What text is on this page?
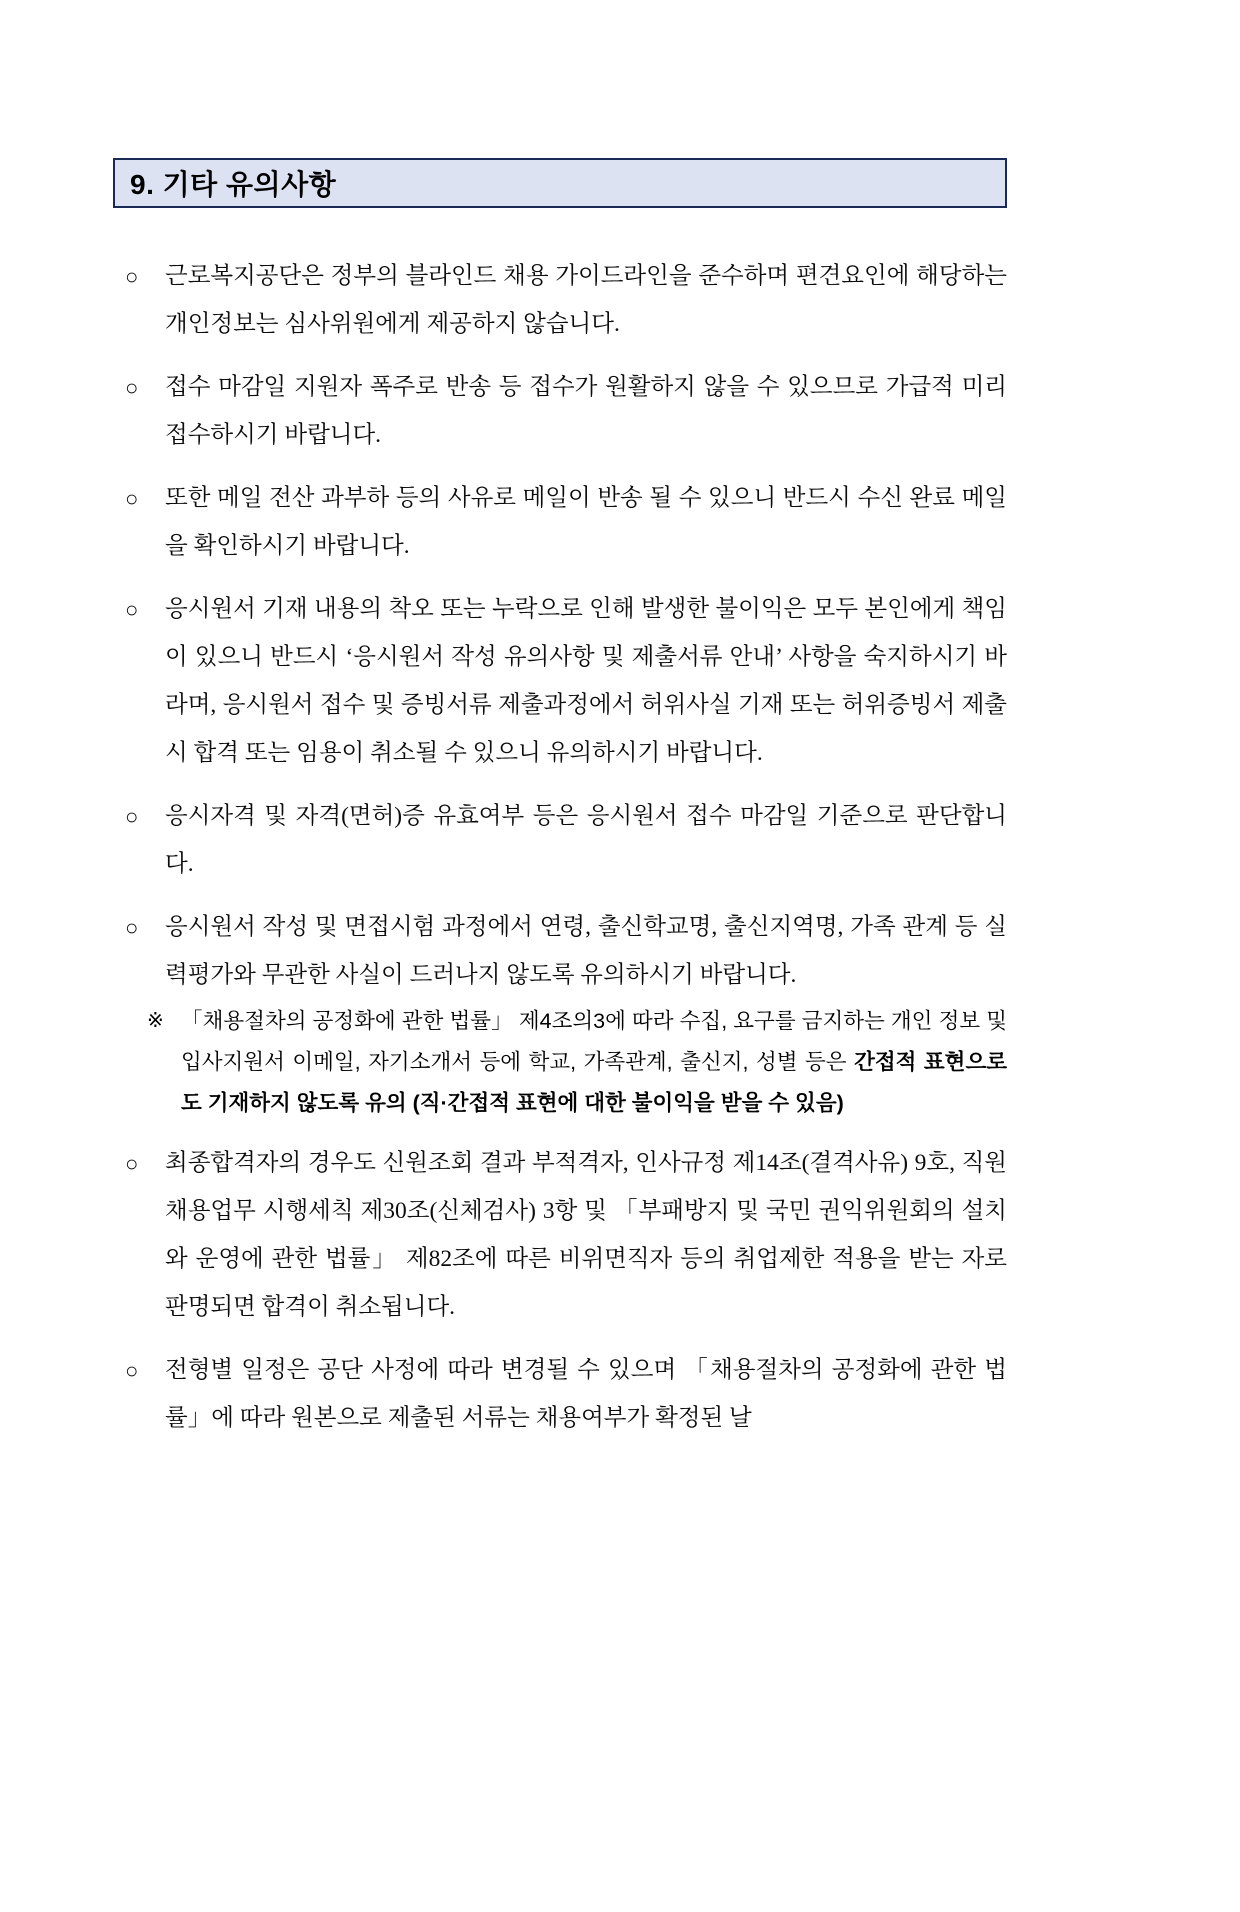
9. 기타 유의사항
○ 근로복지공단은 정부의 블라인드 채용 가이드라인을 준수하며 편견요인에 해당하는 개인정보는 심사위원에게 제공하지 않습니다.

○ 접수 마감일 지원자 폭주로 반송 등 접수가 원활하지 않을 수 있으므로 가급적 미리 접수하시기 바랍니다.

○ 또한 메일 전산 과부하 등의 사유로 메일이 반송 될 수 있으니 반드시 수신 완료 메일을 확인하시기 바랍니다.

○ 응시원서 기재 내용의 착오 또는 누락으로 인해 발생한 불이익은 모두 본인에게 책임이 있으니 반드시 ‘응시원서 작성 유의사항 및 제출서류 안내’ 사항을 숙지하시기 바라며, 응시원서 접수 및 증빙서류 제출과정에서 허위사실 기재 또는 허위증빙서 제출 시 합격 또는 임용이 취소될 수 있으니 유의하시기 바랍니다.

○ 응시자격 및 자격(면허)증 유효여부 등은 응시원서 접수 마감일 기준으로 판단합니다.

○ 응시원서 작성 및 면접시험 과정에서 연령, 출신학교명, 출신지역명, 가족 관계 등 실력평가와 무관한 사실이 드러나지 않도록 유의하시기 바랍니다.

※ 「채용절차의 공정화에 관한 법률」 제4조의3에 따라 수집, 요구를 금지하는 개인 정보 및 입사지원서 이메일, 자기소개서 등에 학교, 가족관계, 출신지, 성별 등은 간접적 표현으로도 기재하지 않도록 유의 (직·간접적 표현에 대한 불이익을 받을 수 있음)
○ 최종합격자의 경우도 신원조회 결과 부적격자, 인사규정 제14조(결격사유) 9호, 직원 채용업무 시행세칙 제30조(신체검사) 3항 및 「부패방지 및 국민 권익위원회의 설치와 운영에 관한 법률」 제82조에 따른 비위면직자 등의 취업제한 적용을 받는 자로 판명되면 합격이 취소됩니다.

○ 전형별 일정은 공단 사정에 따라 변경될 수 있으며 「채용절차의 공정화에 관한 법률」에 따라 원본으로 제출된 서류는 채용여부가 확정된 날
